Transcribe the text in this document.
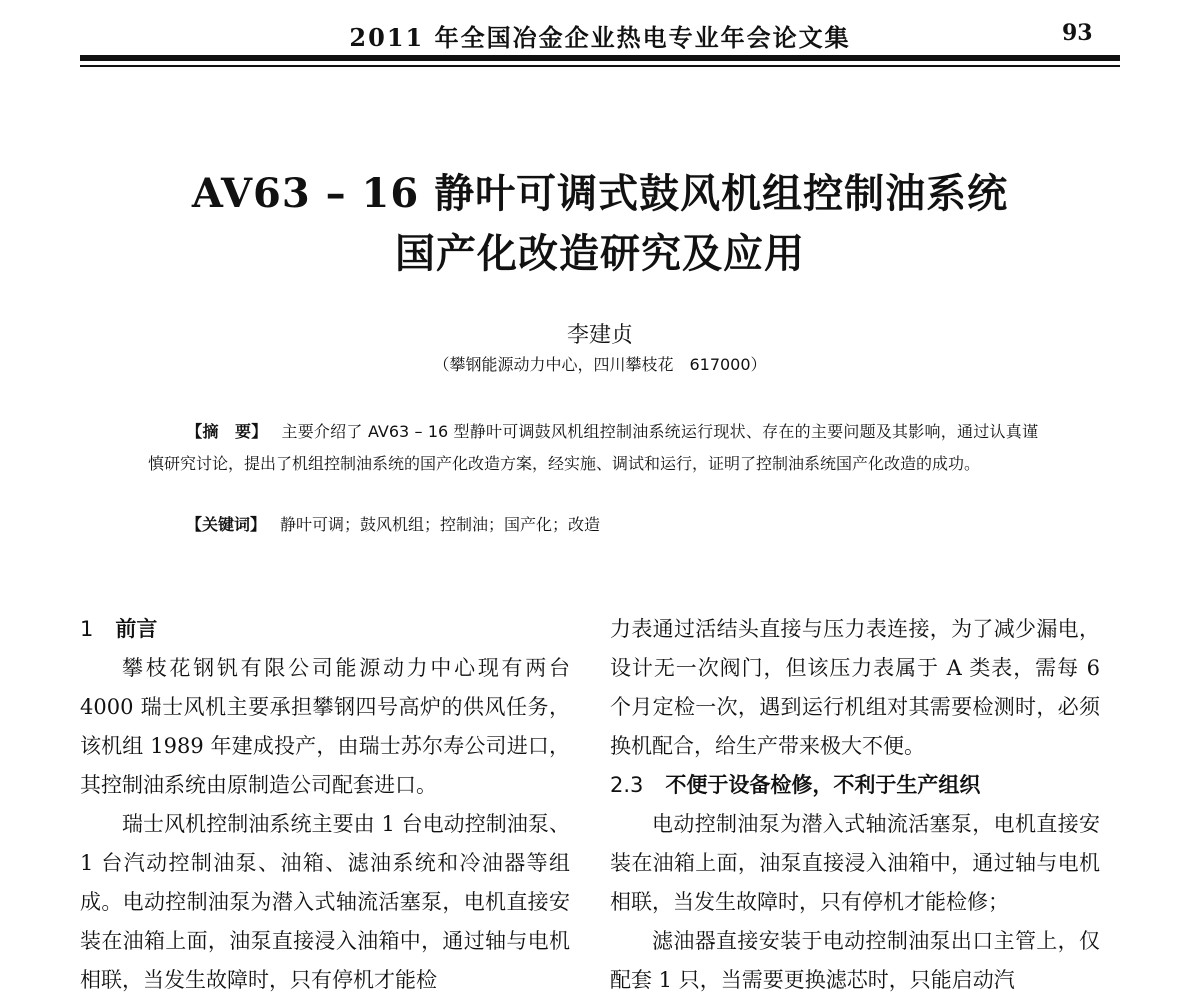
2011 年全国冶金企业热电专业年会论文集	93
AV63 – 16 静叶可调式鼓风机组控制油系统
国产化改造研究及应用
李建贞
（攀钢能源动力中心，四川攀枝花　617000）
【摘　要】 主要介绍了 AV63 – 16 型静叶可调鼓风机组控制油系统运行现状、存在的主要问题及其影响，通过认真谨慎研究讨论，提出了机组控制油系统的国产化改造方案，经实施、调试和运行，证明了控制油系统国产化改造的成功。
【关键词】 静叶可调；鼓风机组；控制油；国产化；改造
1 前言

攀枝花钢钒有限公司能源动力中心现有两台 4000 瑞士风机主要承担攀钢四号高炉的供风任务，该机组 1989 年建成投产，由瑞士苏尔寿公司进口，其控制油系统由原制造公司配套进口。

瑞士风机控制油系统主要由 1 台电动控制油泵、1 台汽动控制油泵、油箱、滤油系统和冷油器等组成。电动控制油泵为潜入式轴流活塞泵，电机直接安装在油箱上面，油泵直接浸入油箱中，通过轴与电机相联，当发生故障时，只有停机才能检

力表通过活结头直接与压力表连接，为了减少漏电，设计无一次阀门，但该压力表属于 A 类表，需每 6 个月定检一次，遇到运行机组对其需要检测时，必须换机配合，给生产带来极大不便。

2.3 不便于设备检修，不利于生产组织

电动控制油泵为潜入式轴流活塞泵，电机直接安装在油箱上面，油泵直接浸入油箱中，通过轴与电机相联，当发生故障时，只有停机才能检修；

滤油器直接安装于电动控制油泵出口主管上，仅配套 1 只，当需要更换滤芯时，只能启动汽
